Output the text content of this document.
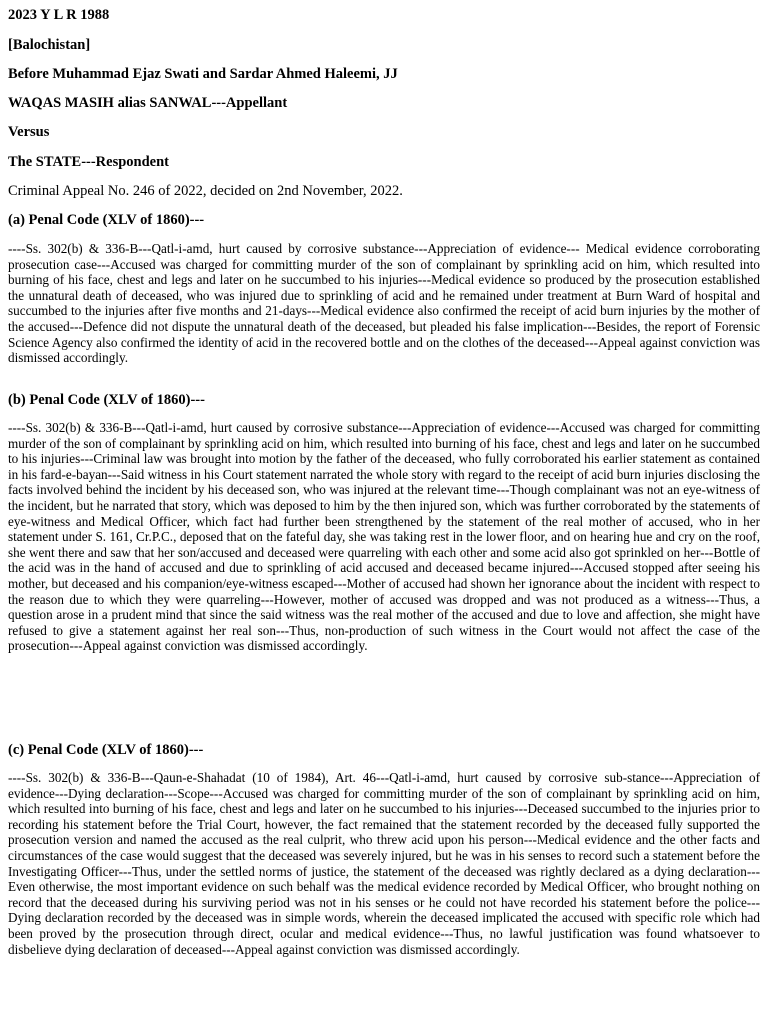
2023 Y L R 1988
[Balochistan]
Before Muhammad Ejaz Swati and Sardar Ahmed Haleemi, JJ
WAQAS MASIH alias SANWAL---Appellant
Versus
The STATE---Respondent
Criminal Appeal No. 246 of 2022, decided on 2nd November, 2022.
(a) Penal Code (XLV of 1860)---
----Ss. 302(b) & 336-B---Qatl-i-amd, hurt caused by corrosive substance---Appreciation of evidence--- Medical evidence corroborating prosecution case---Accused was charged for committing murder of the son of complainant by sprinkling acid on him, which resulted into burning of his face, chest and legs and later on he succumbed to his injuries---Medical evidence so produced by the prosecution established the unnatural death of deceased, who was injured due to sprinkling of acid and he remained under treatment at Burn Ward of hospital and succumbed to the injuries after five months and 21-days---Medical evidence also confirmed the receipt of acid burn injuries by the mother of the accused---Defence did not dispute the unnatural death of the deceased, but pleaded his false implication---Besides, the report of Forensic Science Agency also confirmed the identity of acid in the recovered bottle and on the clothes of the deceased---Appeal against conviction was dismissed accordingly.
(b) Penal Code (XLV of 1860)---
----Ss. 302(b) & 336-B---Qatl-i-amd, hurt caused by corrosive substance---Appreciation of evidence---Accused was charged for committing murder of the son of complainant by sprinkling acid on him, which resulted into burning of his face, chest and legs and later on he succumbed to his injuries---Criminal law was brought into motion by the father of the deceased, who fully corroborated his earlier statement as contained in his fard-e-bayan---Said witness in his Court statement narrated the whole story with regard to the receipt of acid burn injuries disclosing the facts involved behind the incident by his deceased son, who was injured at the relevant time---Though complainant was not an eye-witness of the incident, but he narrated that story, which was deposed to him by the then injured son, which was further corroborated by the statements of eye-witness and Medical Officer, which fact had further been strengthened by the statement of the real mother of accused, who in her statement under S. 161, Cr.P.C., deposed that on the fateful day, she was taking rest in the lower floor, and on hearing hue and cry on the roof, she went there and saw that her son/accused and deceased were quarreling with each other and some acid also got sprinkled on her---Bottle of the acid was in the hand of accused and due to sprinkling of acid accused and deceased became injured---Accused stopped after seeing his mother, but deceased and his companion/eye-witness escaped---Mother of accused had shown her ignorance about the incident with respect to the reason due to which they were quarreling---However, mother of accused was dropped and was not produced as a witness---Thus, a question arose in a prudent mind that since the said witness was the real mother of the accused and due to love and affection, she might have refused to give a statement against her real son---Thus, non-production of such witness in the Court would not affect the case of the prosecution---Appeal against conviction was dismissed accordingly.
(c) Penal Code (XLV of 1860)---
----Ss. 302(b) & 336-B---Qaun-e-Shahadat (10 of 1984), Art. 46---Qatl-i-amd, hurt caused by corrosive sub-stance---Appreciation of evidence---Dying declaration---Scope---Accused was charged for committing murder of the son of complainant by sprinkling acid on him, which resulted into burning of his face, chest and legs and later on he succumbed to his injuries---Deceased succumbed to the injuries prior to recording his statement before the Trial Court, however, the fact remained that the statement recorded by the deceased fully supported the prosecution version and named the accused as the real culprit, who threw acid upon his person---Medical evidence and the other facts and circumstances of the case would suggest that the deceased was severely injured, but he was in his senses to record such a statement before the Investigating Officer---Thus, under the settled norms of justice, the statement of the deceased was rightly declared as a dying declaration---Even otherwise, the most important evidence on such behalf was the medical evidence recorded by Medical Officer, who brought nothing on record that the deceased during his surviving period was not in his senses or he could not have recorded his statement before the police---Dying declaration recorded by the deceased was in simple words, wherein the deceased implicated the accused with specific role which had been proved by the prosecution through direct, ocular and medical evidence---Thus, no lawful justification was found whatsoever to disbelieve dying declaration of deceased---Appeal against conviction was dismissed accordingly.
